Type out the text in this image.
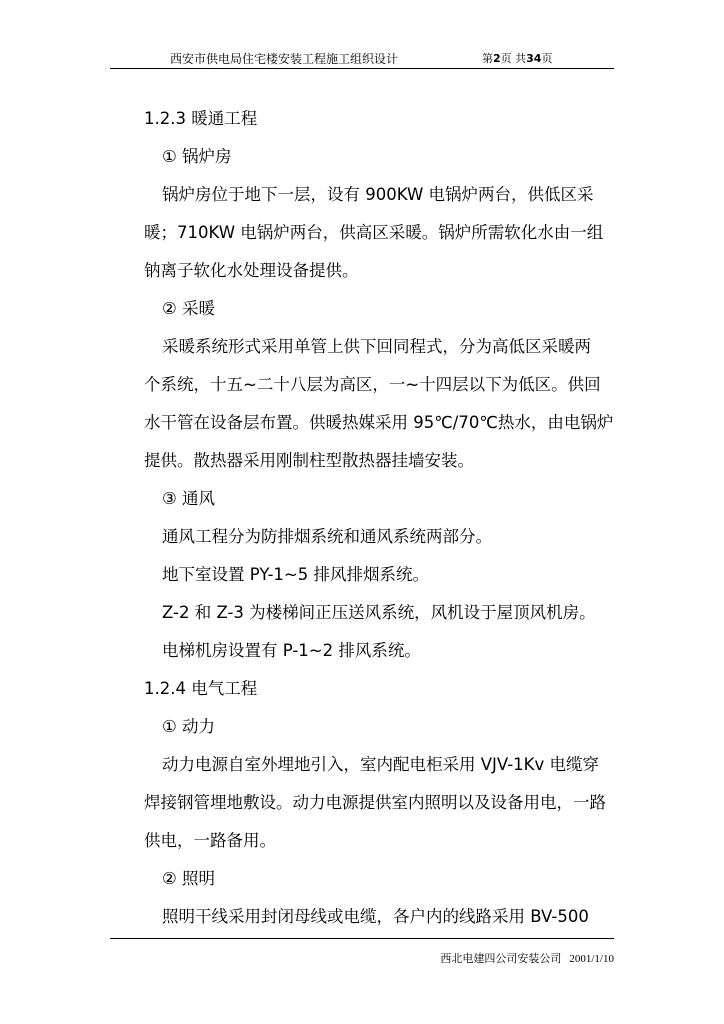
西安市供电局住宅楼安装工程施工组织设计	第2页 共34页

1.2.3 暖通工程

① 锅炉房

锅炉房位于地下一层，设有 900KW 电锅炉两台，供低区采

暖；710KW 电锅炉两台，供高区采暖。锅炉所需软化水由一组

钠离子软化水处理设备提供。

② 采暖

采暖系统形式采用单管上供下回同程式，分为高低区采暖两

个系统，十五~二十八层为高区，一~十四层以下为低区。供回

水干管在设备层布置。供暖热媒采用 95℃/70℃热水，由电锅炉

提供。散热器采用刚制柱型散热器挂墙安装。

③ 通风

通风工程分为防排烟系统和通风系统两部分。

地下室设置 PY-1~5 排风排烟系统。

Z-2 和 Z-3 为楼梯间正压送风系统，风机设于屋顶风机房。

电梯机房设置有 P-1~2 排风系统。

1.2.4 电气工程

① 动力

动力电源自室外埋地引入，室内配电柜采用 VJV-1Kv 电缆穿

焊接钢管埋地敷设。动力电源提供室内照明以及设备用电，一路

供电，一路备用。

② 照明

照明干线采用封闭母线或电缆，各户内的线路采用 BV-500

西北电建四公司安装公司 2001/1/10
